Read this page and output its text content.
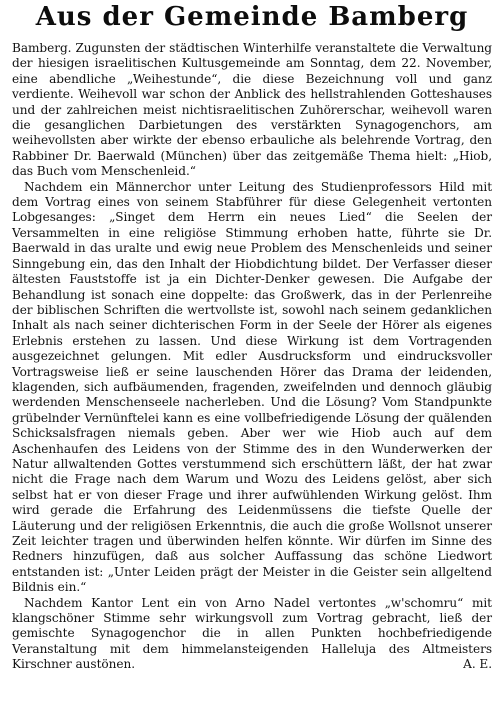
Aus der Gemeinde Bamberg

Bamberg. Zugunsten der städtischen Winterhilfe veranstaltete die Verwaltung der hiesigen israelitischen Kultusgemeinde am Sonntag, dem 22. November, eine abendliche „Weihestunde“, die diese Bezeichnung voll und ganz verdiente. Weihevoll war schon der Anblick des hellstrahlenden Gotteshauses und der zahlreichen meist nichtisraelitischen Zuhörerschar, weihevoll waren die gesanglichen Darbietungen des verstärkten Synagogenchors, am weihevollsten aber wirkte der ebenso erbauliche als belehrende Vortrag, den Rabbiner Dr. Baerwald (München) über das zeitgemäße Thema hielt: „Hiob, das Buch vom Menschenleid.“

Nachdem ein Männerchor unter Leitung des Studienprofessors Hild mit dem Vortrag eines von seinem Stabführer für diese Gelegenheit vertonten Lobgesanges: „Singet dem Herrn ein neues Lied“ die Seelen der Versammelten in eine religiöse Stimmung erhoben hatte, führte sie Dr. Baerwald in das uralte und ewig neue Problem des Menschenleids und seiner Sinngebung ein, das den Inhalt der Hiobdichtung bildet. Der Verfasser dieser ältesten Fauststoffe ist ja ein Dichter-Denker gewesen. Die Aufgabe der Behandlung ist sonach eine doppelte: das Großwerk, das in der Perlenreihe der biblischen Schriften die wertvollste ist, sowohl nach seinem gedanklichen Inhalt als nach seiner dichterischen Form in der Seele der Hörer als eigenes Erlebnis erstehen zu lassen. Und diese Wirkung ist dem Vortragenden ausgezeichnet gelungen. Mit edler Ausdrucksform und eindrucksvoller Vortragsweise ließ er seine lauschenden Hörer das Drama der leidenden, klagenden, sich aufbäumenden, fragenden, zweifelnden und dennoch gläubig werdenden Menschenseele nacherleben. Und die Lösung? Vom Standpunkte grübelnder Vernünftelei kann es eine vollbefriedigende Lösung der quälenden Schicksalsfragen niemals geben. Aber wer wie Hiob auch auf dem Aschenhaufen des Leidens von der Stimme des in den Wunderwerken der Natur allwaltenden Gottes verstummend sich erschüttern läßt, der hat zwar nicht die Frage nach dem Warum und Wozu des Leidens gelöst, aber sich selbst hat er von dieser Frage und ihrer aufwühlenden Wirkung gelöst. Ihm wird gerade die Erfahrung des Leidenmüssens die tiefste Quelle der Läuterung und der religiösen Erkenntnis, die auch die große Wollsnot unserer Zeit leichter tragen und überwinden helfen könnte. Wir dürfen im Sinne des Redners hinzufügen, daß aus solcher Auffassung das schöne Liedwort entstanden ist: „Unter Leiden prägt der Meister in die Geister sein allgeltend Bildnis ein.“

Nachdem Kantor Lent ein von Arno Nadel vertontes „w'schomru“ mit klangschöner Stimme sehr wirkungsvoll zum Vortrag gebracht, ließ der gemischte Synagogenchor die in allen Punkten hochbefriedigende Veranstaltung mit dem himmelansteigenden Halleluja des Altmeisters Kirschner austönen.	A. E.
